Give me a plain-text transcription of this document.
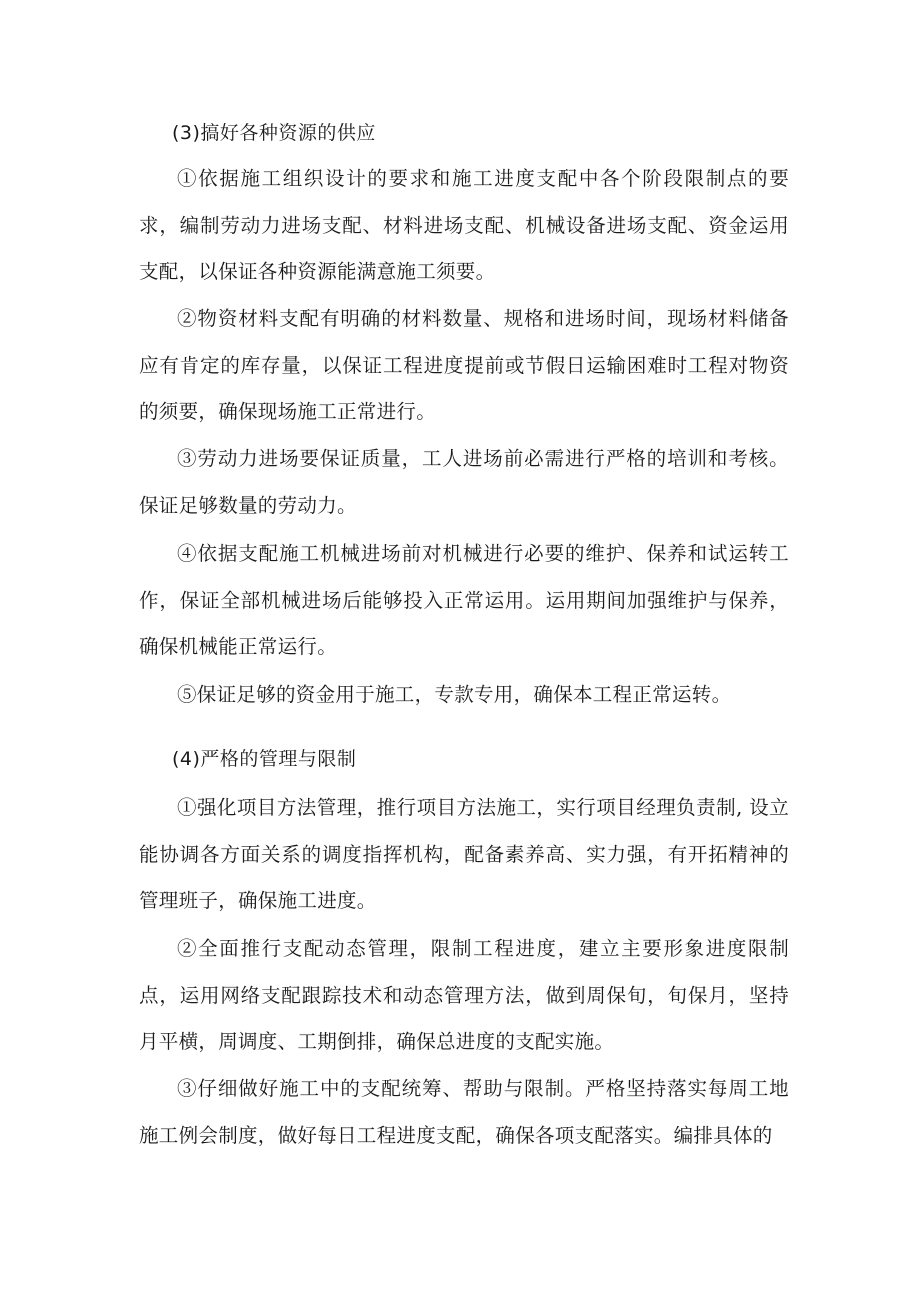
(3)搞好各种资源的供应

①依据施工组织设计的要求和施工进度支配中各个阶段限制点的要求，编制劳动力进场支配、材料进场支配、机械设备进场支配、资金运用支配，以保证各种资源能满意施工须要。

②物资材料支配有明确的材料数量、规格和进场时间，现场材料储备应有肯定的库存量，以保证工程进度提前或节假日运输困难时工程对物资的须要，确保现场施工正常进行。

③劳动力进场要保证质量，工人进场前必需进行严格的培训和考核。保证足够数量的劳动力。

④依据支配施工机械进场前对机械进行必要的维护、保养和试运转工作，保证全部机械进场后能够投入正常运用。运用期间加强维护与保养，确保机械能正常运行。

⑤保证足够的资金用于施工，专款专用，确保本工程正常运转。

(4)严格的管理与限制

①强化项目方法管理，推行项目方法施工，实行项目经理负责制, 设立能协调各方面关系的调度指挥机构，配备素养高、实力强，有开拓精神的管理班子，确保施工进度。

②全面推行支配动态管理，限制工程进度，建立主要形象进度限制点，运用网络支配跟踪技术和动态管理方法，做到周保旬，旬保月，坚持月平横，周调度、工期倒排，确保总进度的支配实施。

③仔细做好施工中的支配统筹、帮助与限制。严格坚持落实每周工地施工例会制度，做好每日工程进度支配，确保各项支配落实。编排具体的
